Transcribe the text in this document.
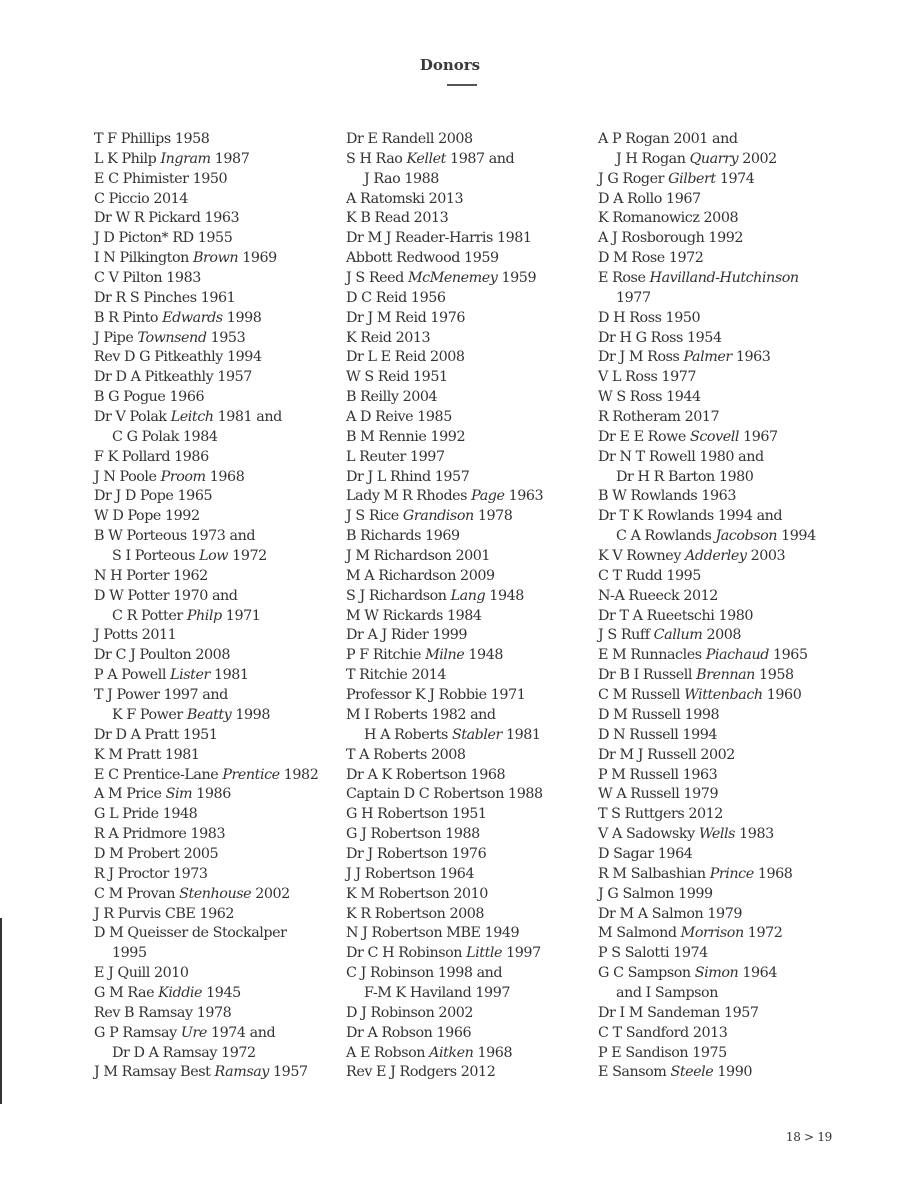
Donors
T F Phillips 1958
L K Philp Ingram 1987
E C Phimister 1950
C Piccio 2014
Dr W R Pickard 1963
J D Picton* RD 1955
I N Pilkington Brown 1969
C V Pilton 1983
Dr R S Pinches 1961
B R Pinto Edwards 1998
J Pipe Townsend 1953
Rev D G Pitkeathly 1994
Dr D A Pitkeathly 1957
B G Pogue 1966
Dr V Polak Leitch 1981 and
C G Polak 1984
F K Pollard 1986
J N Poole Proom 1968
Dr J D Pope 1965
W D Pope 1992
B W Porteous 1973 and
S I Porteous Low 1972
N H Porter 1962
D W Potter 1970 and
C R Potter Philp 1971
J Potts 2011
Dr C J Poulton 2008
P A Powell Lister 1981
T J Power 1997 and
K F Power Beatty 1998
Dr D A Pratt 1951
K M Pratt 1981
E C Prentice-Lane Prentice 1982
A M Price Sim 1986
G L Pride 1948
R A Pridmore 1983
D M Probert 2005
R J Proctor 1973
C M Provan Stenhouse 2002
J R Purvis CBE 1962
D M Queisser de Stockalper
1995
E J Quill 2010
G M Rae Kiddie 1945
Rev B Ramsay 1978
G P Ramsay Ure 1974 and
Dr D A Ramsay 1972
J M Ramsay Best Ramsay 1957
Dr E Randell 2008
S H Rao Kellet 1987 and
J Rao 1988
A Ratomski 2013
K B Read 2013
Dr M J Reader-Harris 1981
Abbott Redwood 1959
J S Reed McMenemey 1959
D C Reid 1956
Dr J M Reid 1976
K Reid 2013
Dr L E Reid 2008
W S Reid 1951
B Reilly 2004
A D Reive 1985
B M Rennie 1992
L Reuter 1997
Dr J L Rhind 1957
Lady M R Rhodes Page 1963
J S Rice Grandison 1978
B Richards 1969
J M Richardson 2001
M A Richardson 2009
S J Richardson Lang 1948
M W Rickards 1984
Dr A J Rider 1999
P F Ritchie Milne 1948
T Ritchie 2014
Professor K J Robbie 1971
M I Roberts 1982 and
H A Roberts Stabler 1981
T A Roberts 2008
Dr A K Robertson 1968
Captain D C Robertson 1988
G H Robertson 1951
G J Robertson 1988
Dr J Robertson 1976
J J Robertson 1964
K M Robertson 2010
K R Robertson 2008
N J Robertson MBE 1949
Dr C H Robinson Little 1997
C J Robinson 1998 and
F-M K Haviland 1997
D J Robinson 2002
Dr A Robson 1966
A E Robson Aitken 1968
Rev E J Rodgers 2012
A P Rogan 2001 and
J H Rogan Quarry 2002
J G Roger Gilbert 1974
D A Rollo 1967
K Romanowicz 2008
A J Rosborough 1992
D M Rose 1972
E Rose Havilland-Hutchinson
1977
D H Ross 1950
Dr H G Ross 1954
Dr J M Ross Palmer 1963
V L Ross 1977
W S Ross 1944
R Rotheram 2017
Dr E E Rowe Scovell 1967
Dr N T Rowell 1980 and
Dr H R Barton 1980
B W Rowlands 1963
Dr T K Rowlands 1994 and
C A Rowlands Jacobson 1994
K V Rowney Adderley 2003
C T Rudd 1995
N-A Rueeck 2012
Dr T A Rueetschi 1980
J S Ruff Callum 2008
E M Runnacles Piachaud 1965
Dr B I Russell Brennan 1958
C M Russell Wittenbach 1960
D M Russell 1998
D N Russell 1994
Dr M J Russell 2002
P M Russell 1963
W A Russell 1979
T S Ruttgers 2012
V A Sadowsky Wells 1983
D Sagar 1964
R M Salbashian Prince 1968
J G Salmon 1999
Dr M A Salmon 1979
M Salmond Morrison 1972
P S Salotti 1974
G C Sampson Simon 1964
and I Sampson
Dr I M Sandeman 1957
C T Sandford 2013
P E Sandison 1975
E Sansom Steele 1990
18 > 19
